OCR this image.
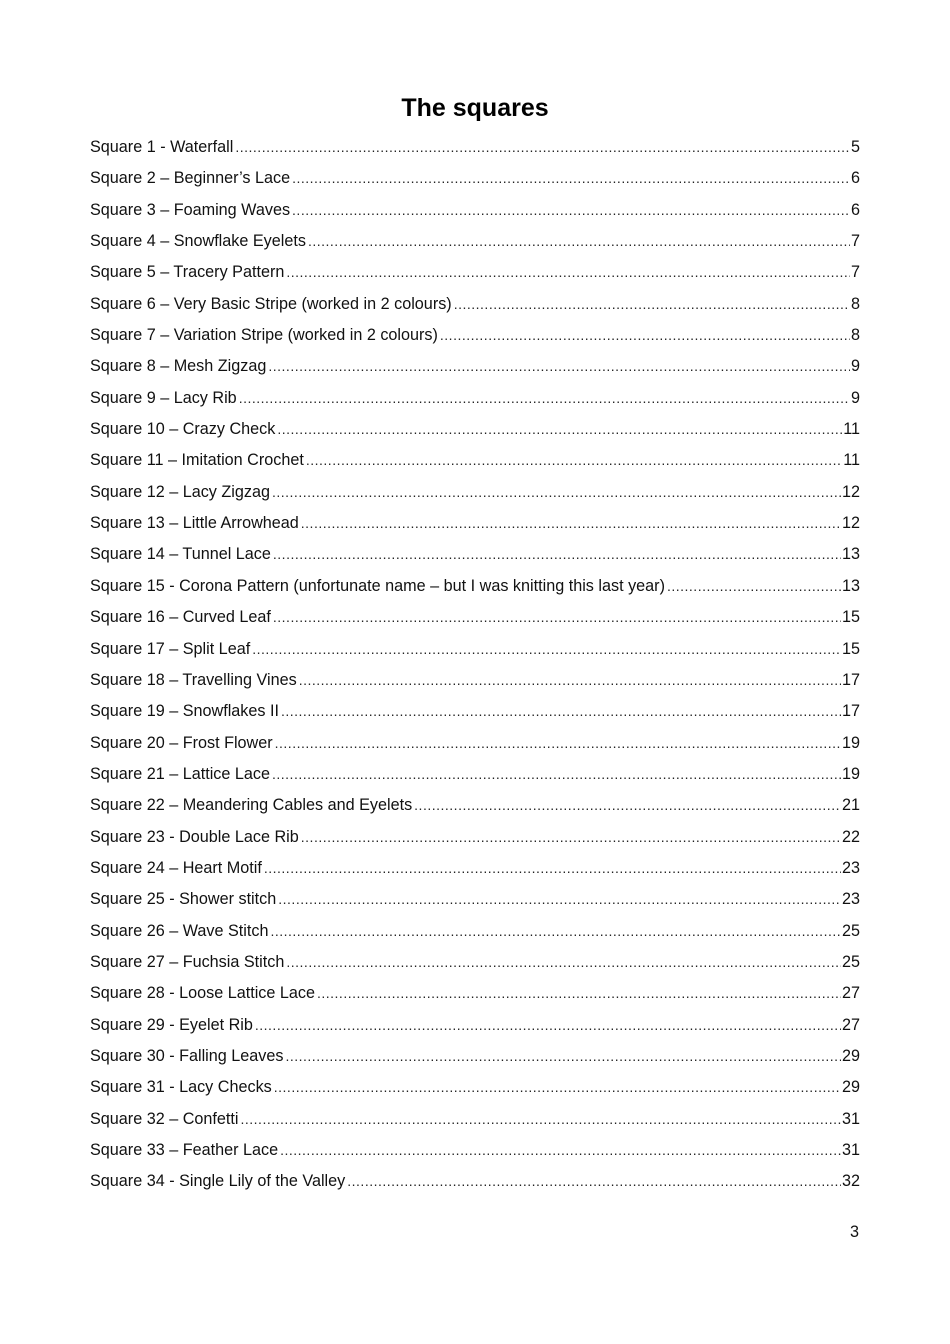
The squares
Square 1 - Waterfall .....	5
Square 2 – Beginner’s Lace .....	6
Square 3 – Foaming Waves .....	6
Square 4 – Snowflake Eyelets .....	7
Square 5 – Tracery Pattern .....	7
Square 6 – Very Basic Stripe (worked in 2 colours) .....	8
Square 7 – Variation Stripe (worked in 2 colours) .....	8
Square 8 – Mesh Zigzag .....	9
Square 9 – Lacy Rib .....	9
Square 10 – Crazy Check .....	11
Square 11 – Imitation Crochet .....	11
Square 12 – Lacy Zigzag .....	12
Square 13 – Little Arrowhead .....	12
Square 14 – Tunnel Lace .....	13
Square 15 - Corona Pattern (unfortunate name – but I was knitting this last year) .....	13
Square 16 – Curved Leaf .....	15
Square 17 – Split Leaf .....	15
Square 18 – Travelling Vines .....	17
Square 19 – Snowflakes II .....	17
Square 20 – Frost Flower .....	19
Square 21 – Lattice Lace .....	19
Square 22 – Meandering Cables and Eyelets .....	21
Square 23 - Double Lace Rib .....	22
Square 24 – Heart Motif .....	23
Square 25 - Shower stitch .....	23
Square 26 – Wave Stitch .....	25
Square 27 – Fuchsia Stitch .....	25
Square 28 - Loose Lattice Lace .....	27
Square 29 - Eyelet Rib .....	27
Square 30 - Falling Leaves .....	29
Square 31 - Lacy Checks .....	29
Square 32 – Confetti .....	31
Square 33 – Feather Lace .....	31
Square 34 - Single Lily of the Valley .....	32
3
